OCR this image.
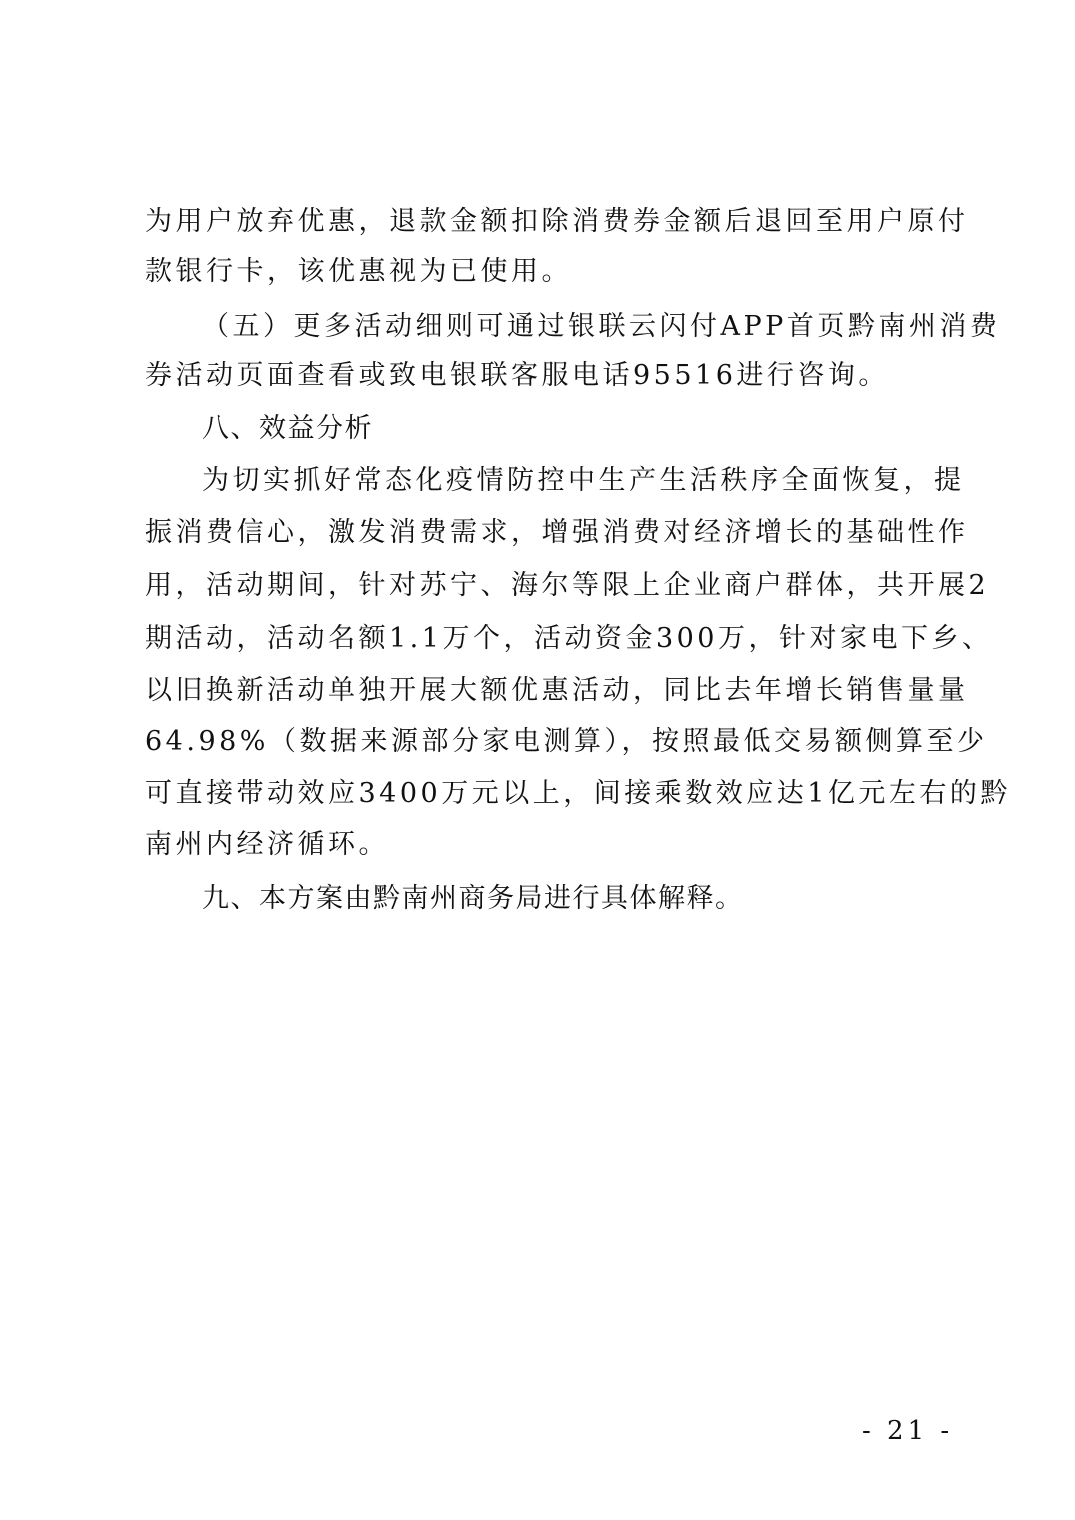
为用户放弃优惠，退款金额扣除消费券金额后退回至用户原付
款银行卡，该优惠视为已使用。
（五）更多活动细则可通过银联云闪付APP首页黔南州消费
券活动页面查看或致电银联客服电话95516进行咨询。
八、效益分析
为切实抓好常态化疫情防控中生产生活秩序全面恢复，提
振消费信心，激发消费需求，增强消费对经济增长的基础性作
用，活动期间，针对苏宁、海尔等限上企业商户群体，共开展2
期活动，活动名额1.1万个，活动资金300万，针对家电下乡、
以旧换新活动单独开展大额优惠活动，同比去年增长销售量量
64.98%（数据来源部分家电测算），按照最低交易额侧算至少
可直接带动效应3400万元以上，间接乘数效应达1亿元左右的黔
南州内经济循环。
九、本方案由黔南州商务局进行具体解释。
- 21 -
